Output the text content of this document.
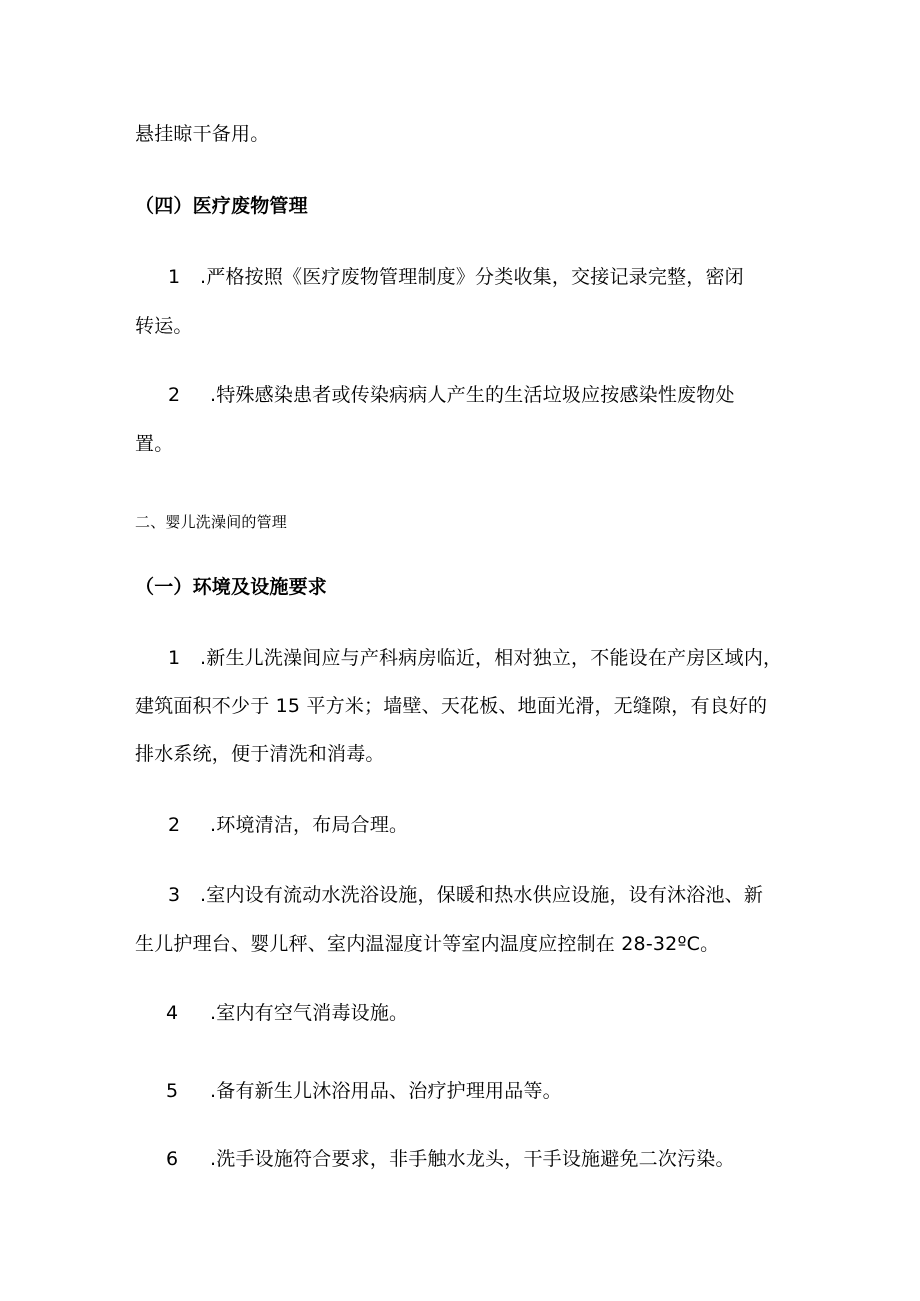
悬挂晾干备用。
（四）医疗废物管理
1 .严格按照《医疗废物管理制度》分类收集，交接记录完整，密闭
转运。
2 .特殊感染患者或传染病病人产生的生活垃圾应按感染性废物处
置。
二、婴儿洗澡间的管理
（一）环境及设施要求
1 .新生儿洗澡间应与产科病房临近，相对独立，不能设在产房区域内，
建筑面积不少于 15 平方米；墙壁、天花板、地面光滑，无缝隙，有良好的
排水系统，便于清洗和消毒。
2 .环境清洁，布局合理。
3 .室内设有流动水洗浴设施，保暖和热水供应设施，设有沐浴池、新
生儿护理台、婴儿秤、室内温湿度计等室内温度应控制在 28-32ºC。
4 .室内有空气消毒设施。
5 .备有新生儿沐浴用品、治疗护理用品等。
6 .洗手设施符合要求，非手触水龙头，干手设施避免二次污染。
